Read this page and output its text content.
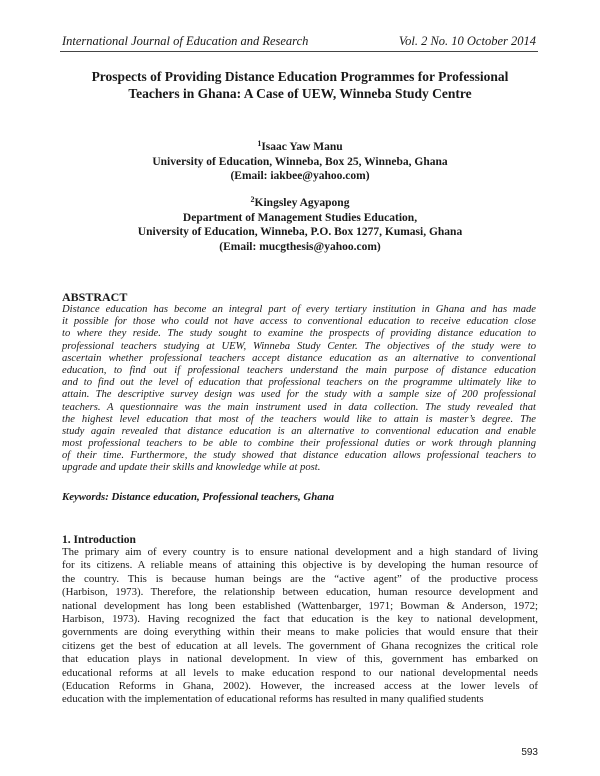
International Journal of Education and Research	Vol. 2 No. 10 October 2014
Prospects of Providing Distance Education Programmes for Professional
Teachers in Ghana: A Case of UEW, Winneba Study Centre
$^1$Isaac Yaw Manu
University of Education, Winneba, Box 25, Winneba, Ghana
(Email: iakbee@yahoo.com)
$^2$Kingsley Agyapong
Department of Management Studies Education,
University of Education, Winneba, P.O. Box 1277, Kumasi, Ghana
(Email: mucgthesis@yahoo.com)
ABSTRACT
Distance education has become an integral part of every tertiary institution in Ghana and has made
it possible for those who could not have access to conventional education to receive education close
to where they reside. The study sought to examine the prospects of providing distance education to
professional teachers studying at UEW, Winneba Study Center. The objectives of the study were to
ascertain whether professional teachers accept distance education as an alternative to conventional
education, to find out if professional teachers understand the main purpose of distance education
and to find out the level of education that professional teachers on the programme ultimately like to
attain. The descriptive survey design was used for the study with a sample size of 200 professional
teachers. A questionnaire was the main instrument used in data collection. The study revealed that
the highest level education that most of the teachers would like to attain is master’s degree. The
study again revealed that distance education is an alternative to conventional education and enable
most professional teachers to be able to combine their professional duties or work through planning
of their time. Furthermore, the study showed that distance education allows professional teachers to
upgrade and update their skills and knowledge while at post.
Keywords: Distance education, Professional teachers, Ghana
1. Introduction
The primary aim of every country is to ensure national development and a high standard of living
for its citizens. A reliable means of attaining this objective is by developing the human resource of
the country. This is because human beings are the “active agent” of the productive process
(Harbison, 1973). Therefore, the relationship between education, human resource development and
national development has long been established (Wattenbarger, 1971; Bowman & Anderson, 1972;
Harbison, 1973). Having recognized the fact that education is the key to national development,
governments are doing everything within their means to make policies that would ensure that their
citizens get the best of education at all levels. The government of Ghana recognizes the critical role
that education plays in national development. In view of this, government has embarked on
educational reforms at all levels to make education respond to our national developmental needs
(Education Reforms in Ghana, 2002). However, the increased access at the lower levels of
education with the implementation of educational reforms has resulted in many qualified students
593
